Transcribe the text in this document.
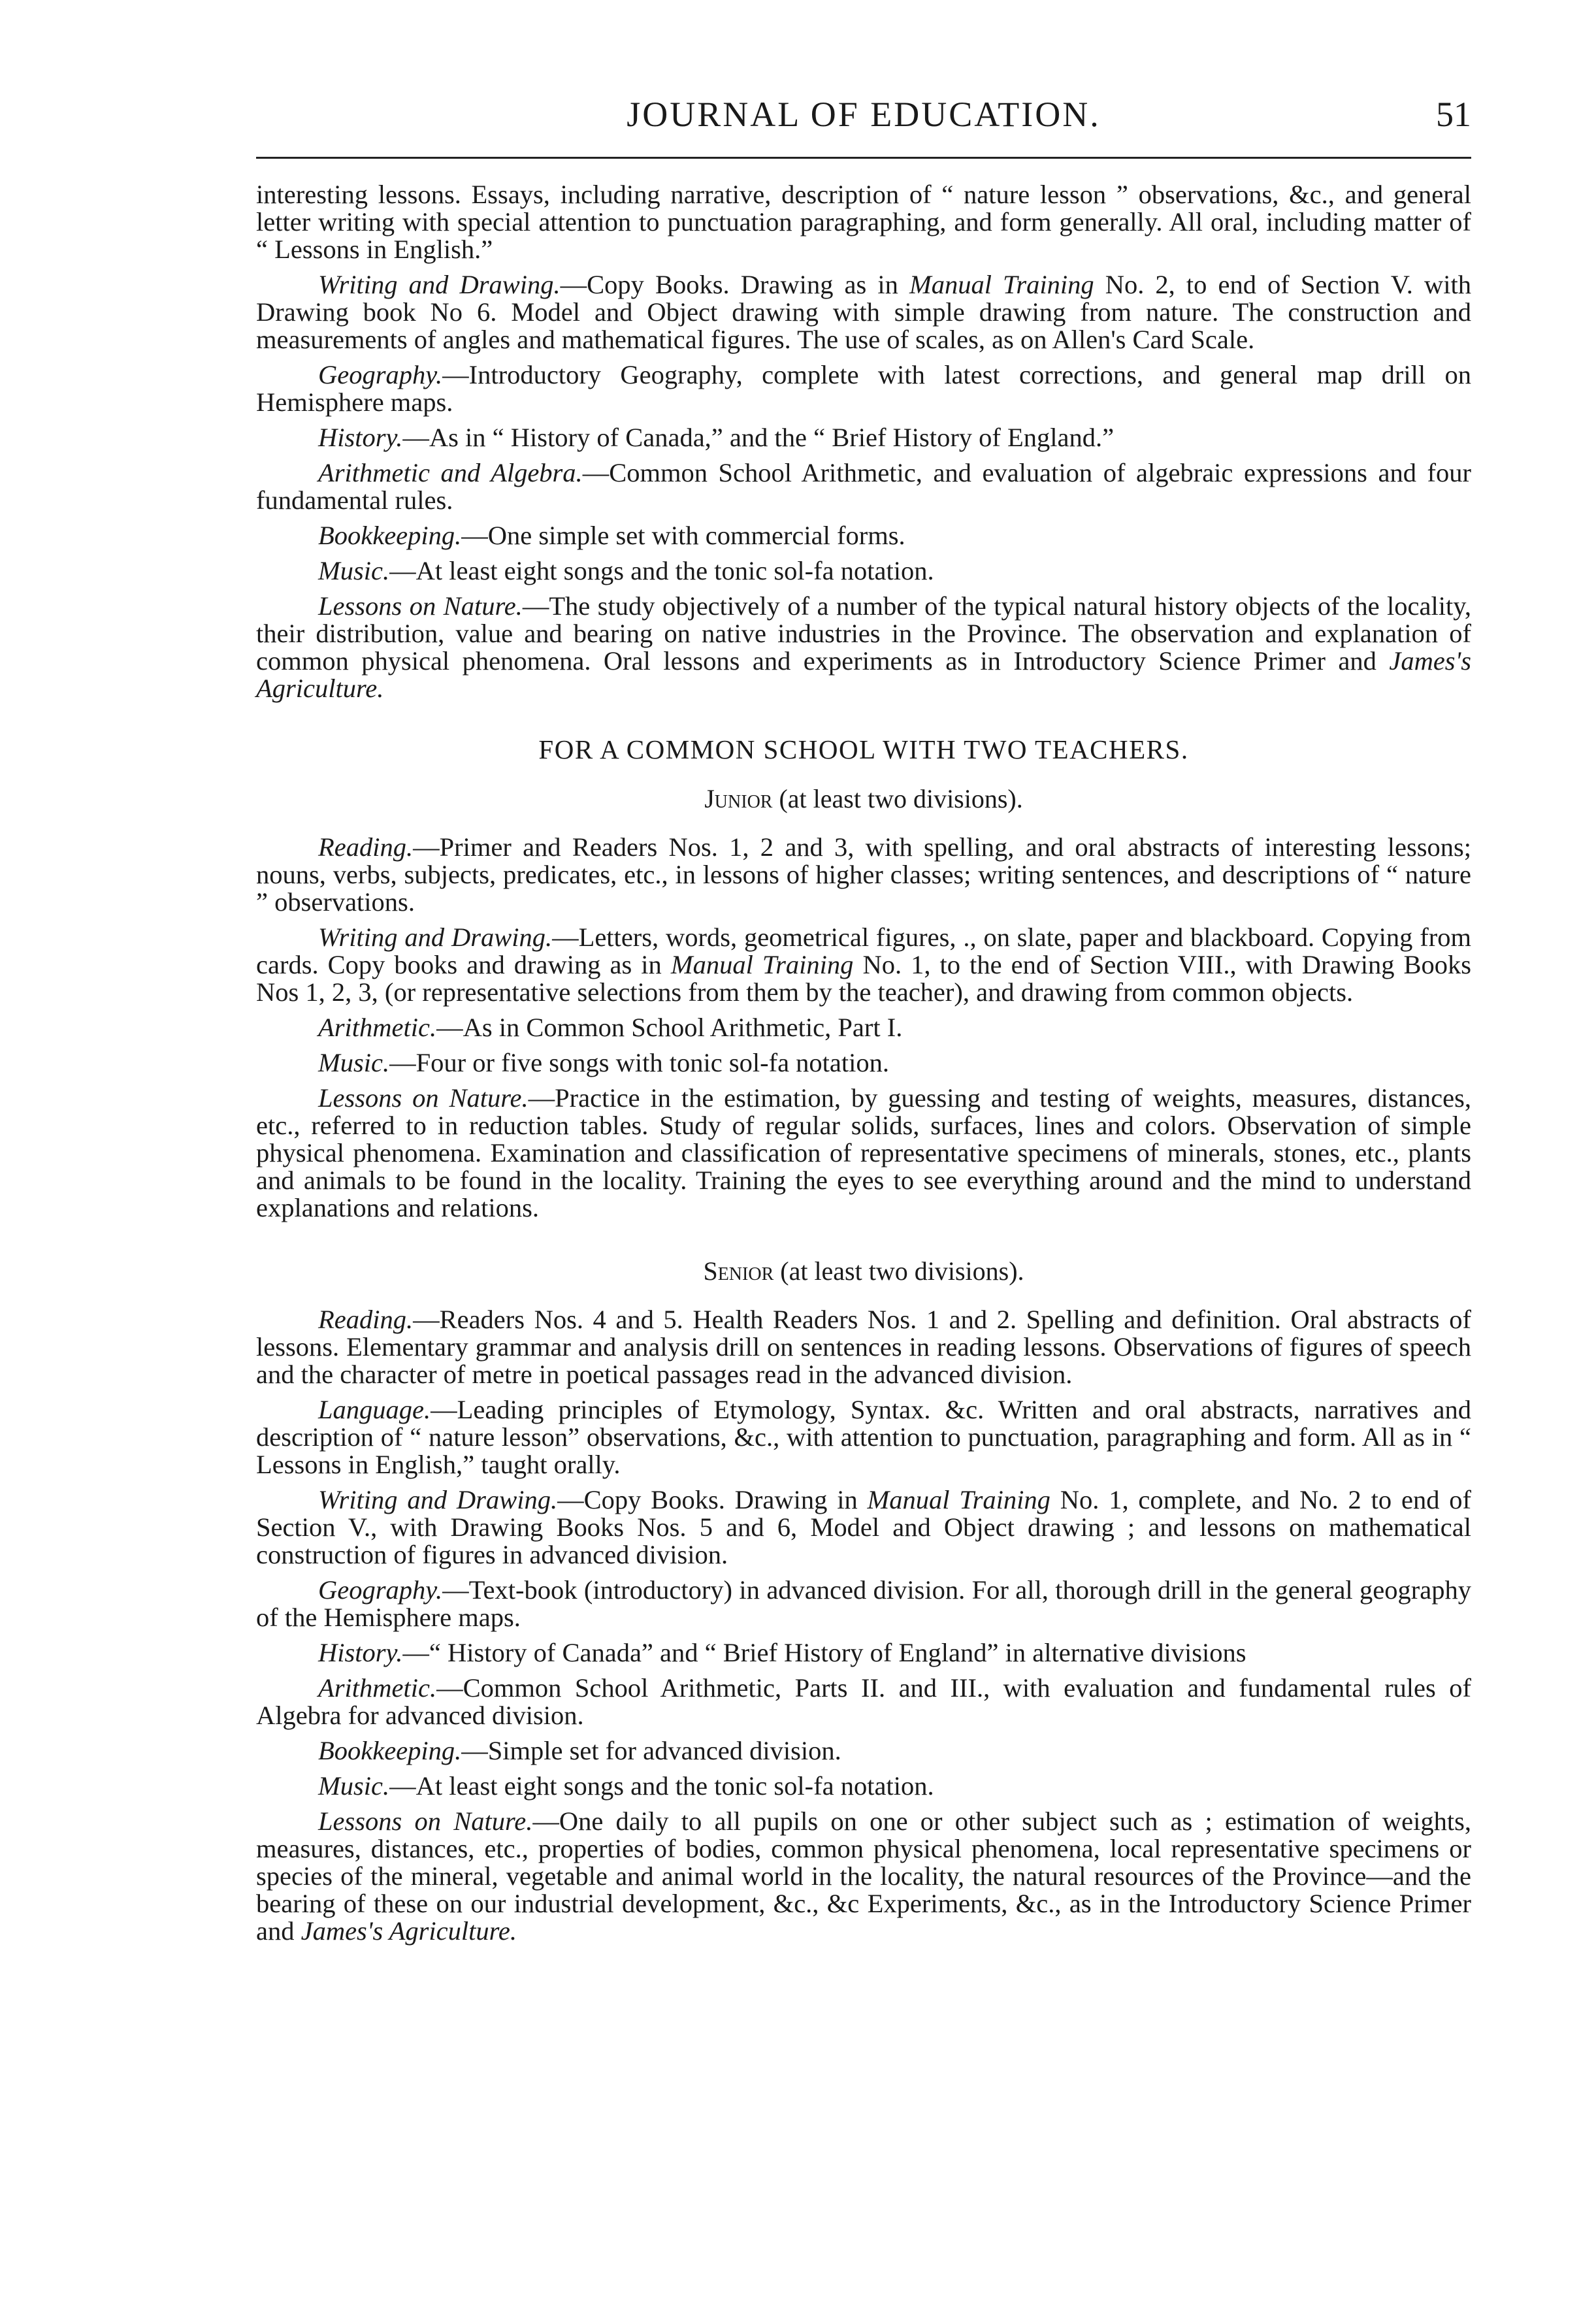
JOURNAL OF EDUCATION.	51

interesting lessons. Essays, including narrative, description of “ nature lesson ” observations, &c., and general letter writing with special attention to punctuation paragraphing, and form generally. All oral, including matter of “ Lessons in English.”

Writing and Drawing.—Copy Books. Drawing as in Manual Training No. 2, to end of Section V. with Drawing book No 6. Model and Object drawing with simple drawing from nature. The construction and measurements of angles and mathematical figures. The use of scales, as on Allen's Card Scale.

Geography.—Introductory Geography, complete with latest corrections, and general map drill on Hemisphere maps.

History.—As in “ History of Canada,” and the “ Brief History of England.”

Arithmetic and Algebra.—Common School Arithmetic, and evaluation of algebraic expressions and four fundamental rules.

Bookkeeping.—One simple set with commercial forms.

Music.—At least eight songs and the tonic sol-fa notation.

Lessons on Nature.—The study objectively of a number of the typical natural history objects of the locality, their distribution, value and bearing on native industries in the Province. The observation and explanation of common physical phenomena. Oral lessons and experiments as in Introductory Science Primer and James's Agriculture.

FOR A COMMON SCHOOL WITH TWO TEACHERS.
Junior (at least two divisions).

Reading.—Primer and Readers Nos. 1, 2 and 3, with spelling, and oral abstracts of interesting lessons; nouns, verbs, subjects, predicates, etc., in lessons of higher classes; writing sentences, and descriptions of “ nature ” observations.

Writing and Drawing.—Letters, words, geometrical figures, ., on slate, paper and blackboard. Copying from cards. Copy books and drawing as in Manual Training No. 1, to the end of Section VIII., with Drawing Books Nos 1, 2, 3, (or representative selections from them by the teacher), and drawing from common objects.

Arithmetic.—As in Common School Arithmetic, Part I.

Music.—Four or five songs with tonic sol-fa notation.

Lessons on Nature.—Practice in the estimation, by guessing and testing of weights, measures, distances, etc., referred to in reduction tables. Study of regular solids, surfaces, lines and colors. Observation of simple physical phenomena. Examination and classification of representative specimens of minerals, stones, etc., plants and animals to be found in the locality. Training the eyes to see everything around and the mind to understand explanations and relations.

Senior (at least two divisions).

Reading.—Readers Nos. 4 and 5. Health Readers Nos. 1 and 2. Spelling and definition. Oral abstracts of lessons. Elementary grammar and analysis drill on sentences in reading lessons. Observations of figures of speech and the character of metre in poetical passages read in the advanced division.

Language.—Leading principles of Etymology, Syntax. &c. Written and oral abstracts, narratives and description of “ nature lesson” observations, &c., with attention to punctuation, paragraphing and form. All as in “ Lessons in English,” taught orally.

Writing and Drawing.—Copy Books. Drawing in Manual Training No. 1, complete, and No. 2 to end of Section V., with Drawing Books Nos. 5 and 6, Model and Object drawing ; and lessons on mathematical construction of figures in advanced division.

Geography.—Text-book (introductory) in advanced division. For all, thorough drill in the general geography of the Hemisphere maps.

History.—“ History of Canada” and “ Brief History of England” in alternative divisions

Arithmetic.—Common School Arithmetic, Parts II. and III., with evaluation and fundamental rules of Algebra for advanced division.

Bookkeeping.—Simple set for advanced division.

Music.—At least eight songs and the tonic sol-fa notation.

Lessons on Nature.—One daily to all pupils on one or other subject such as ; estimation of weights, measures, distances, etc., properties of bodies, common physical phenomena, local representative specimens or species of the mineral, vegetable and animal world in the locality, the natural resources of the Province—and the bearing of these on our industrial development, &c., &c Experiments, &c., as in the Introductory Science Primer and James's Agriculture.
